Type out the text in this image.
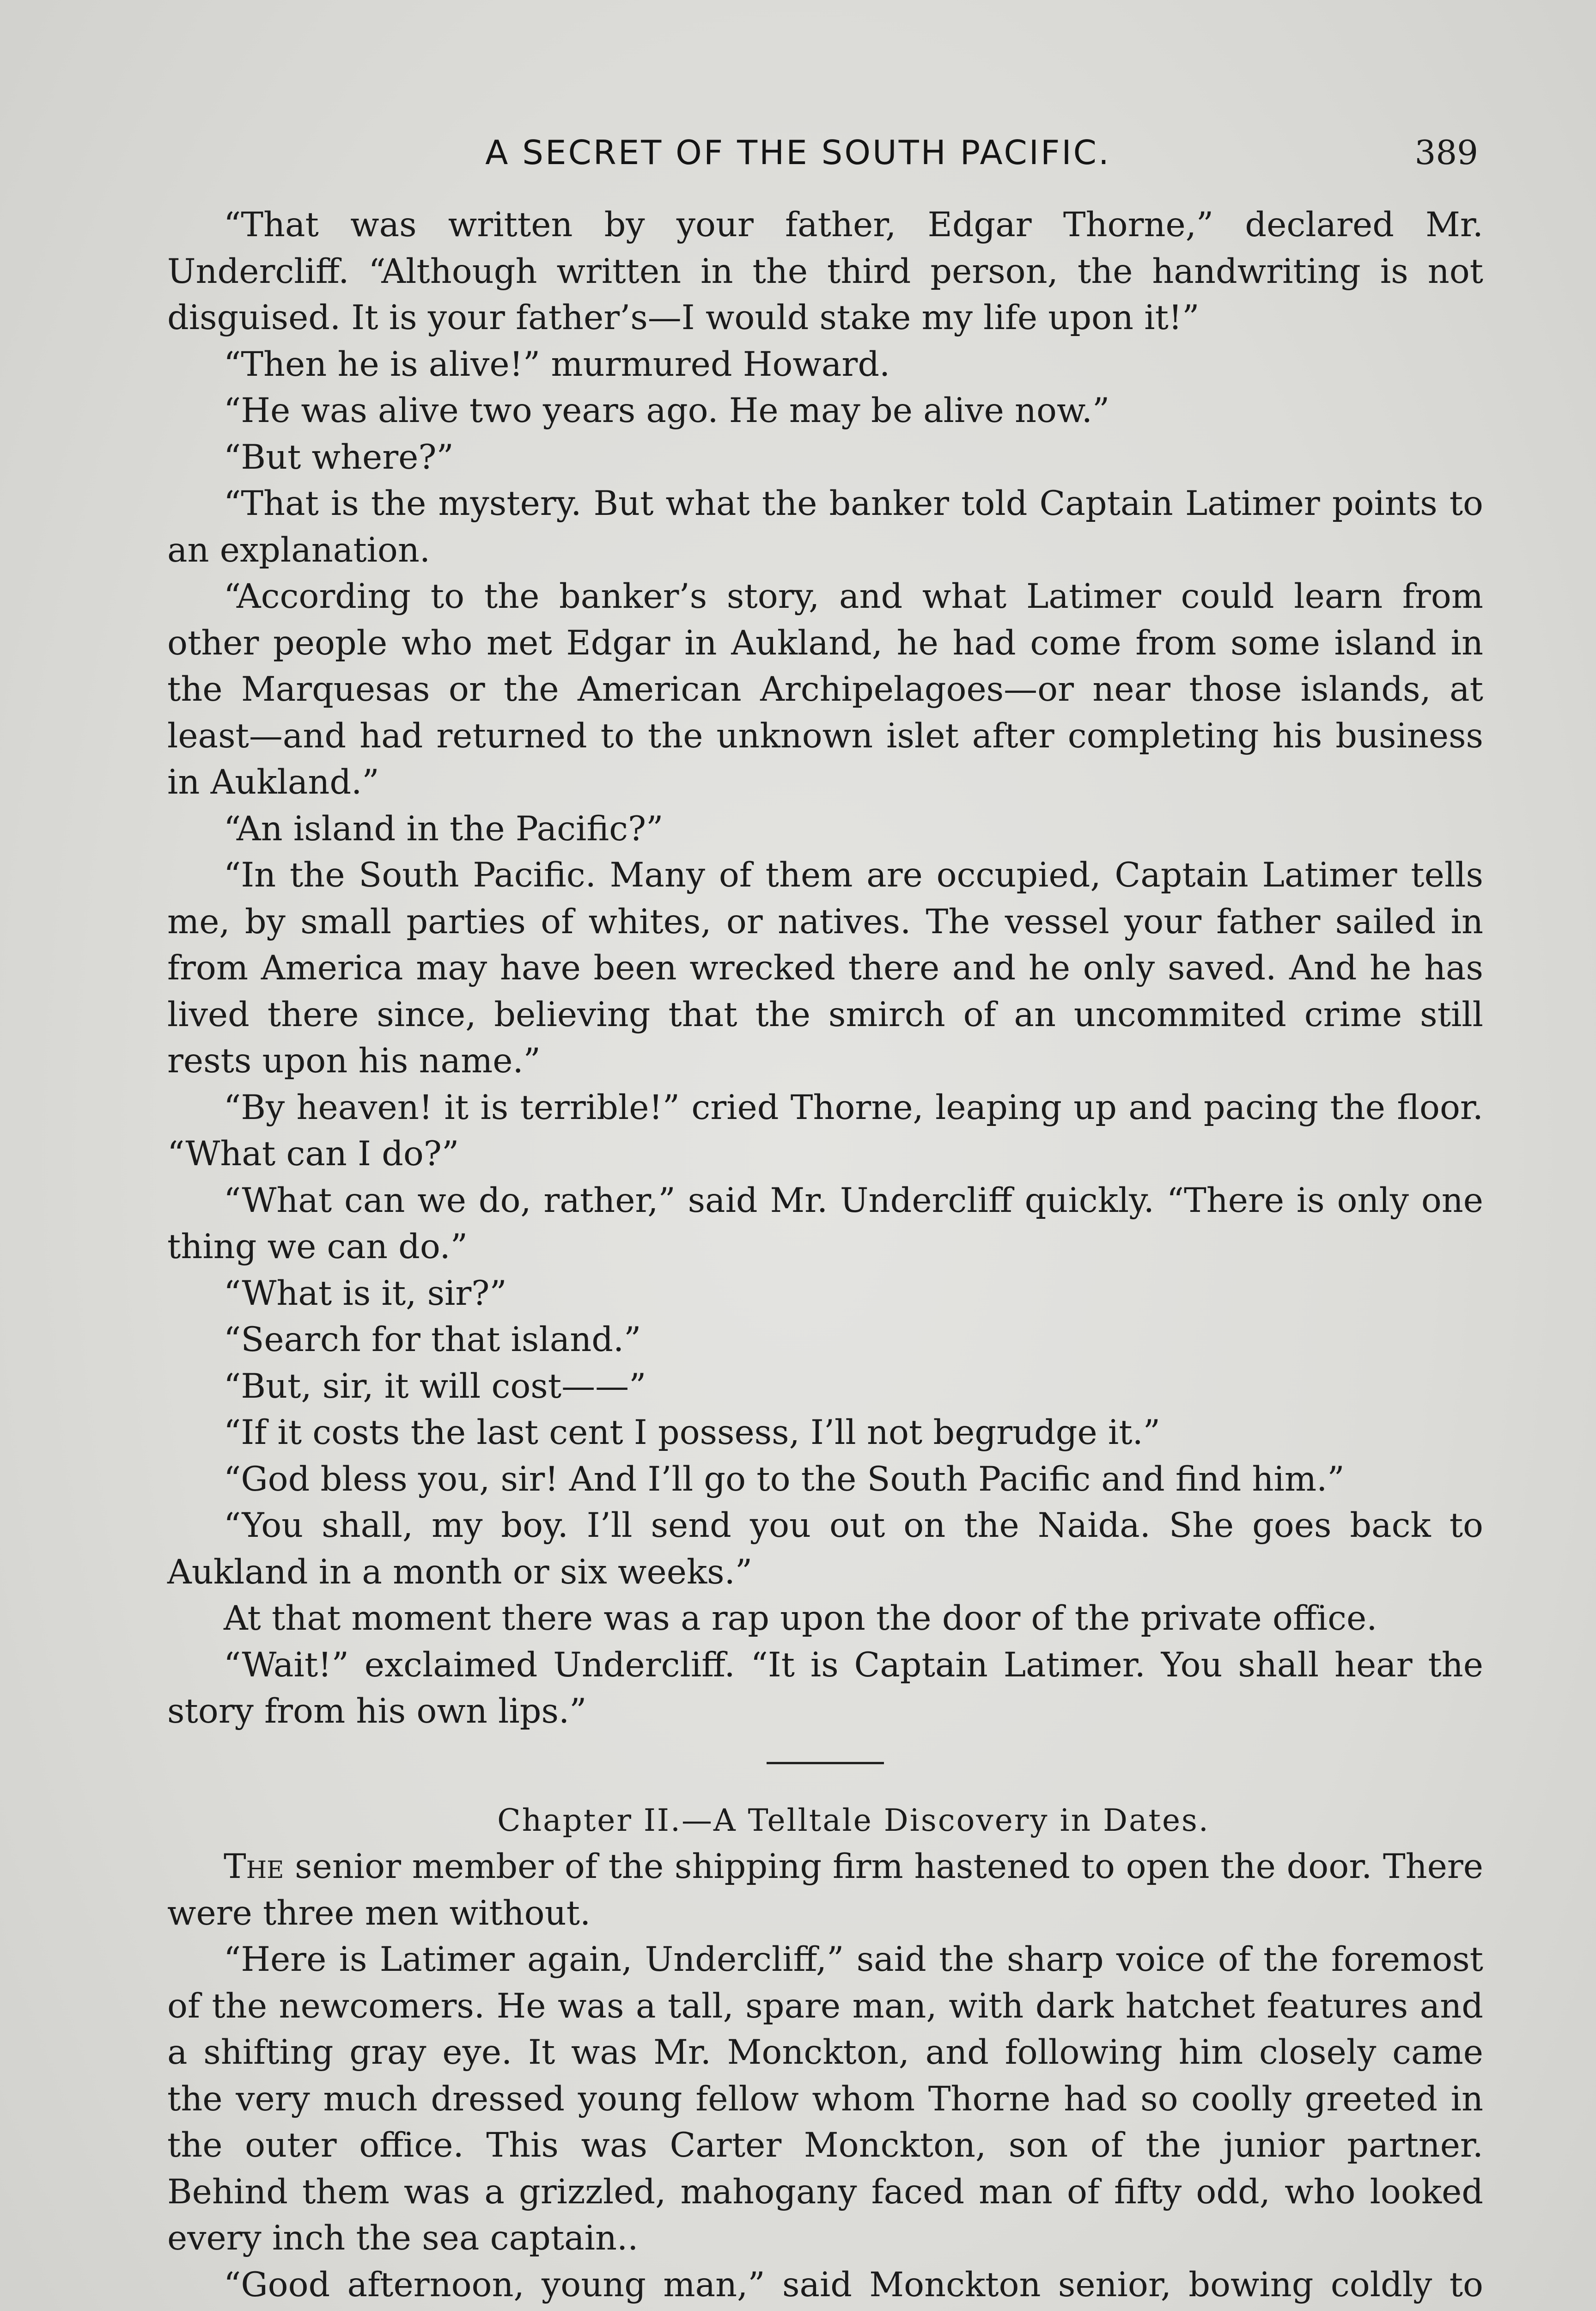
A SECRET OF THE SOUTH PACIFIC.	389

“That was written by your father, Edgar Thorne,” declared Mr. Undercliff. “Although written in the third person, the handwriting is not disguised. It is your father’s—I would stake my life upon it!”

“Then he is alive!” murmured Howard.

“He was alive two years ago. He may be alive now.”

“But where?”

“That is the mystery. But what the banker told Captain Latimer points to an explanation.

“According to the banker’s story, and what Latimer could learn from other people who met Edgar in Aukland, he had come from some island in the Marquesas or the American Archipelagoes—or near those islands, at least—and had returned to the unknown islet after completing his business in Aukland.”

“An island in the Pacific?”

“In the South Pacific. Many of them are occupied, Captain Latimer tells me, by small parties of whites, or natives. The vessel your father sailed in from America may have been wrecked there and he only saved. And he has lived there since, believing that the smirch of an uncommited crime still rests upon his name.”

“By heaven! it is terrible!” cried Thorne, leaping up and pacing the floor. “What can I do?”

“What can we do, rather,” said Mr. Undercliff quickly. “There is only one thing we can do.”

“What is it, sir?”

“Search for that island.”

“But, sir, it will cost——”

“If it costs the last cent I possess, I’ll not begrudge it.”

“God bless you, sir! And I’ll go to the South Pacific and find him.”

“You shall, my boy. I’ll send you out on the Naida. She goes back to Aukland in a month or six weeks.”

At that moment there was a rap upon the door of the private office.

“Wait!” exclaimed Undercliff. “It is Captain Latimer. You shall hear the story from his own lips.”

Chapter II.—A Telltale Discovery in Dates.

The senior member of the shipping firm hastened to open the door. There were three men without.

“Here is Latimer again, Undercliff,” said the sharp voice of the foremost of the newcomers. He was a tall, spare man, with dark hatchet features and a shifting gray eye. It was Mr. Monckton, and following him closely came the very much dressed young fellow whom Thorne had so coolly greeted in the outer office. This was Carter Monckton, son of the junior partner. Behind them was a grizzled, mahogany faced man of fifty odd, who looked every inch the sea captain..

“Good afternoon, young man,” said Monckton senior, bowing coldly to
